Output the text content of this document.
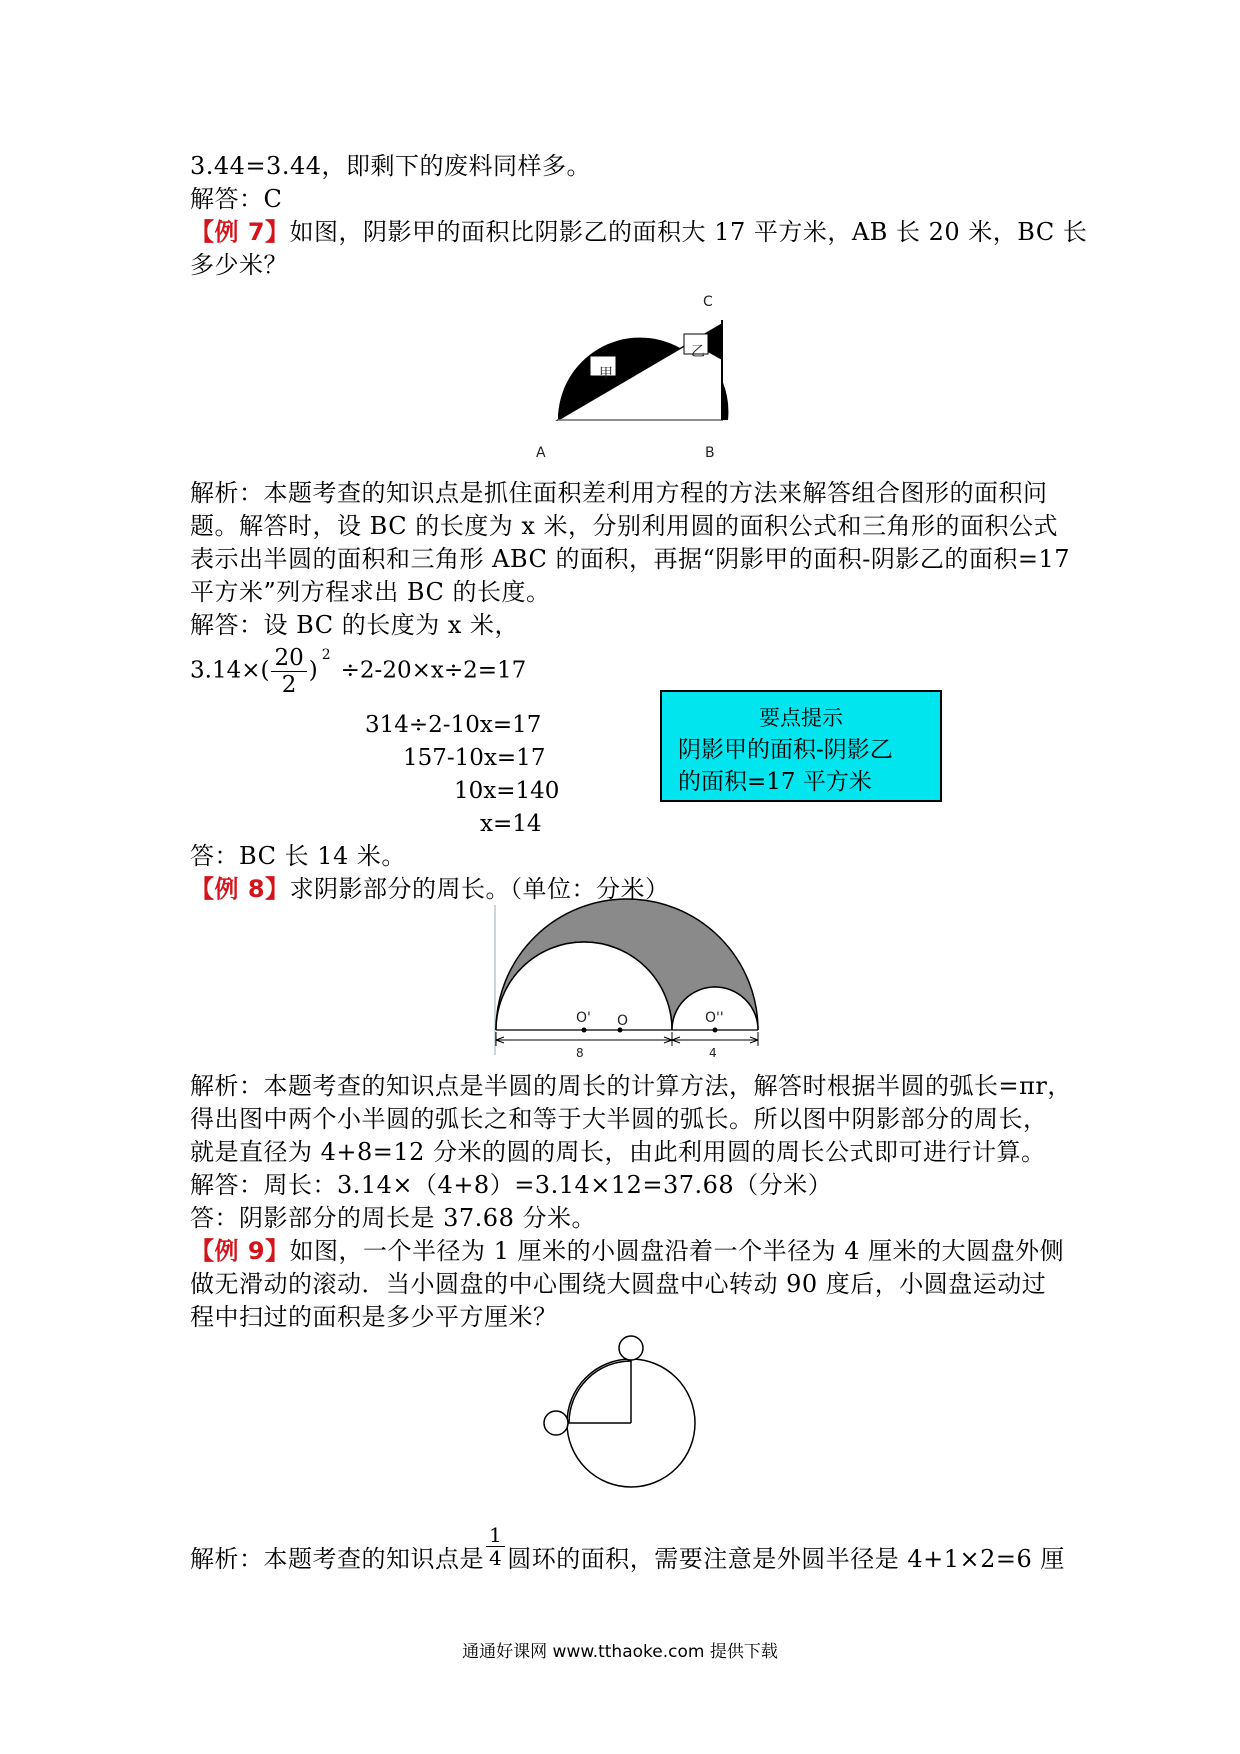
3.44=3.44，即剩下的废料同样多。
解答：C
【例 7】如图，阴影甲的面积比阴影乙的面积大 17 平方米，AB 长 20 米，BC 长
多少米？
甲
乙
A	B
C
解析：本题考查的知识点是抓住面积差利用方程的方法来解答组合图形的面积问
题。解答时，设 BC 的长度为 x 米，分别利用圆的面积公式和三角形的面积公式
表示出半圆的面积和三角形 ABC 的面积，再据“阴影甲的面积-阴影乙的面积=17
平方米”列方程求出 BC 的长度。
解答：设 BC 的长度为 x 米，
$3.14\times( \frac{20}{2} )^2\div 2-20\times x\div 2=17$
314÷2-10x=17
157-10x=17
10x=140
x=14
要点提示
阴影甲的面积-阴影乙
的面积=17 平方米
答：BC 长 14 米。
【例 8】求阴影部分的周长。（单位：分米）
O' O	O''
8	4
解析：本题考查的知识点是半圆的周长的计算方法，解答时根据半圆的弧长=πr，
得出图中两个小半圆的弧长之和等于大半圆的弧长。所以图中阴影部分的周长，
就是直径为 4+8=12 分米的圆的周长，由此利用圆的周长公式即可进行计算。
解答：周长：3.14×（4+8）=3.14×12=37.68（分米）
答：阴影部分的周长是 37.68 分米。
【例 9】如图，一个半径为 1 厘米的小圆盘沿着一个半径为 4 厘米的大圆盘外侧
做无滑动的滚动．当小圆盘的中心围绕大圆盘中心转动 90 度后，小圆盘运动过
程中扫过的面积是多少平方厘米？
解析：本题考查的知识点是 $\frac{1}{4}$ 圆环的面积，需要注意是外圆半径是 4+1×2=6 厘
通通好课网 www.tthaoke.com 提供下载
